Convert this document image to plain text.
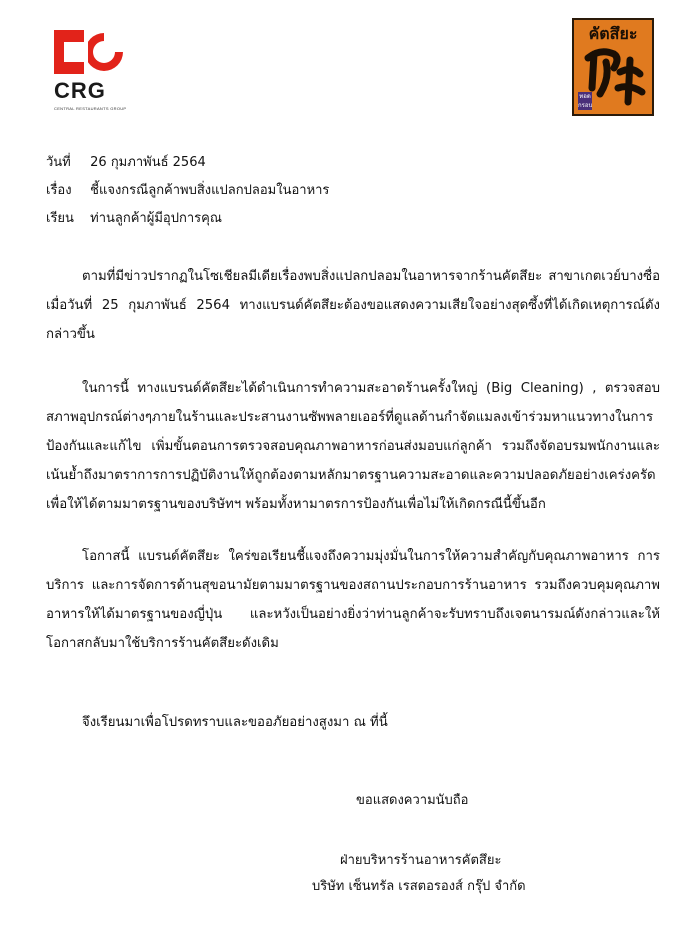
CRG
CENTRAL RESTAURANTS GROUP
คัตสึยะ
ทอดกรอบ
วันที่ 26 กุมภาพันธ์ 2564
เรื่อง ชี้แจงกรณีลูกค้าพบสิ่งแปลกปลอมในอาหาร
เรียน ท่านลูกค้าผู้มีอุปการคุณ

ตามที่มีข่าวปรากฏในโซเชียลมีเดียเรื่องพบสิ่งแปลกปลอมในอาหารจากร้านคัตสึยะ สาขาเกตเวย์บางซื่อ เมื่อวันที่ 25 กุมภาพันธ์ 2564 ทางแบรนด์คัตสึยะต้องขอแสดงความเสียใจอย่างสุดซึ้งที่ได้เกิดเหตุการณ์ดังกล่าวขึ้น

ในการนี้ ทางแบรนด์คัตสึยะได้ดำเนินการทำความสะอาดร้านครั้งใหญ่ (Big Cleaning) , ตรวจสอบสภาพอุปกรณ์ต่างๆภายในร้านและประสานงานซัพพลายเออร์ที่ดูแลด้านกำจัดแมลงเข้าร่วมหาแนวทางในการป้องกันและแก้ไข เพิ่มขั้นตอนการตรวจสอบคุณภาพอาหารก่อนส่งมอบแก่ลูกค้า รวมถึงจัดอบรมพนักงานและเน้นย้ำถึงมาตราการการปฏิบัติงานให้ถูกต้องตามหลักมาตรฐานความสะอาดและความปลอดภัยอย่างเคร่งครัด เพื่อให้ได้ตามมาตรฐานของบริษัทฯ พร้อมทั้งหามาตรการป้องกันเพื่อไม่ให้เกิดกรณีนี้ขึ้นอีก

โอกาสนี้ แบรนด์คัตสึยะ ใคร่ขอเรียนชี้แจงถึงความมุ่งมั่นในการให้ความสำคัญกับคุณภาพอาหาร การบริการ และการจัดการด้านสุขอนามัยตามมาตรฐานของสถานประกอบการร้านอาหาร รวมถึงควบคุมคุณภาพอาหารให้ได้มาตรฐานของญี่ปุ่น และหวังเป็นอย่างยิ่งว่าท่านลูกค้าจะรับทราบถึงเจตนารมณ์ดังกล่าวและให้โอกาสกลับมาใช้บริการร้านคัตสึยะดังเดิม

จึงเรียนมาเพื่อโปรดทราบและขออภัยอย่างสูงมา ณ ที่นี้

ขอแสดงความนับถือ
ฝ่ายบริหารร้านอาหารคัตสึยะ
บริษัท เซ็นทรัล เรสตอรองส์ กรุ๊ป จำกัด
